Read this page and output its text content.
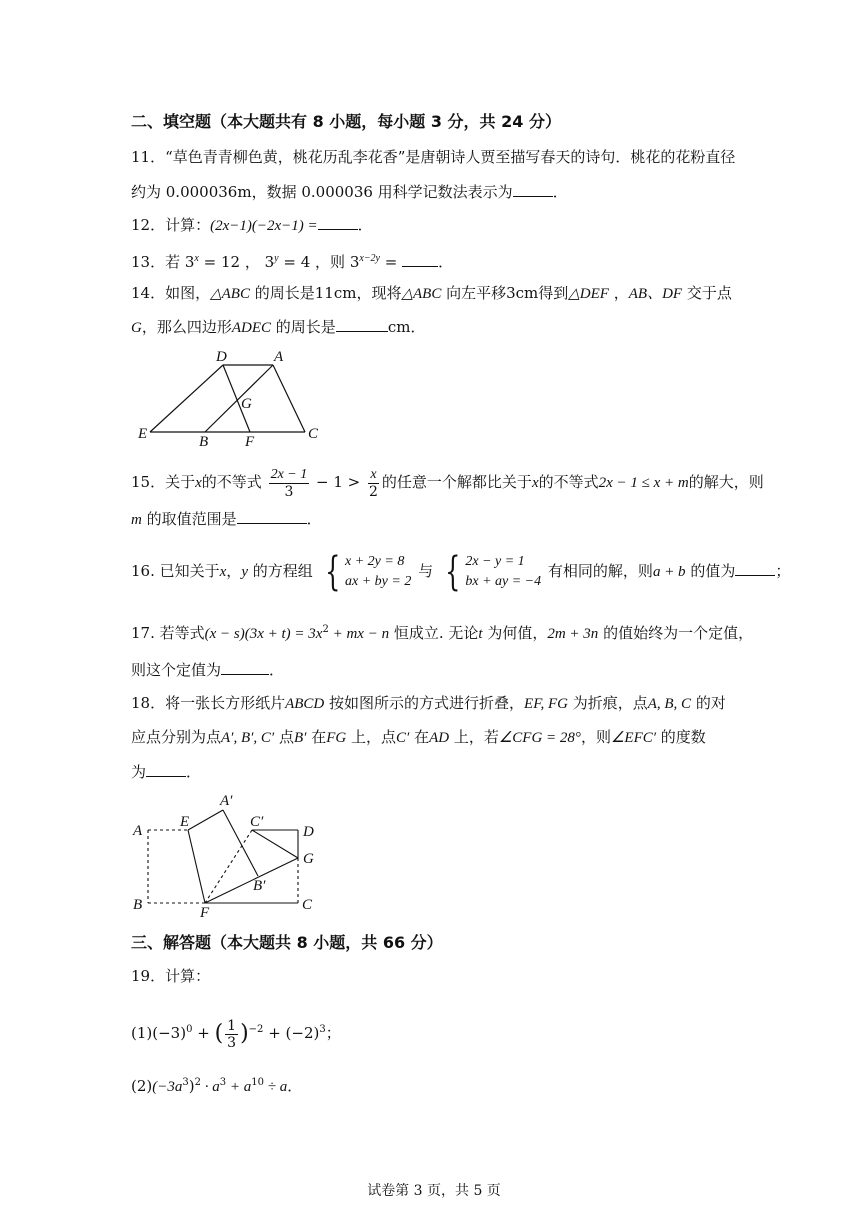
二、填空题（本大题共有 8 小题，每小题 3 分，共 24 分）
11．“草色青青柳色黄，桃花历乱李花香”是唐朝诗人贾至描写春天的诗句．桃花的花粉直径
约为 0.000036m，数据 0.000036 用科学记数法表示为	．
12．计算：(2x−1)(−2x−1) =	．
13．若 $3^x = 12$ ， $3^y = 4$ ，则 $3^{x-2y}$ = ．
14．如图，△ABC 的周长是11cm，现将△ABC 向左平移3cm得到△DEF ，AB、DF 交于点
G，那么四边形ADEC 的周长是	cm．
D	A
G
E	B F	C
15．关于x的不等式 $\frac{2x - 1}{3} - 1 > \frac{x}{2}$ 的任意一个解都比关于x的不等式2x − 1 ≤ x + m的解大，则
m 的取值范围是	．
16. 已知关于x，y 的方程组 { x + 2y = 8
ax + by = 2
与 { 2x − y = 1
bx + ay = −4
有相同的解，则a + b 的值为	；
17. 若等式$(x - s)(3x + t) = 3x^2$ + mx − n 恒成立. 无论t 为何值，2m + 3n 的值始终为一个定值，
则这个定值为	．
18．将一张长方形纸片ABCD 按如图所示的方式进行折叠，EF, FG 为折痕，点A, B, C 的对
应点分别为点A′, B′, C′ 点B′ 在FG 上，点C′ 在AD 上，若∠CFG = 28°，则∠EFC′ 的度数
为	．
A′
A
E	C′
D
G
B′
B	F	C
三、解答题（本大题共 8 小题，共 66 分）
19．计算：
$(1)(-3)^0$ + ( $\frac{1}{3} )^{-2} + (-2)^3$；
$(2)(-3a^3)^2 \cdot a^3 + a^{10} \div a$．
试卷第 3 页，共 5 页
